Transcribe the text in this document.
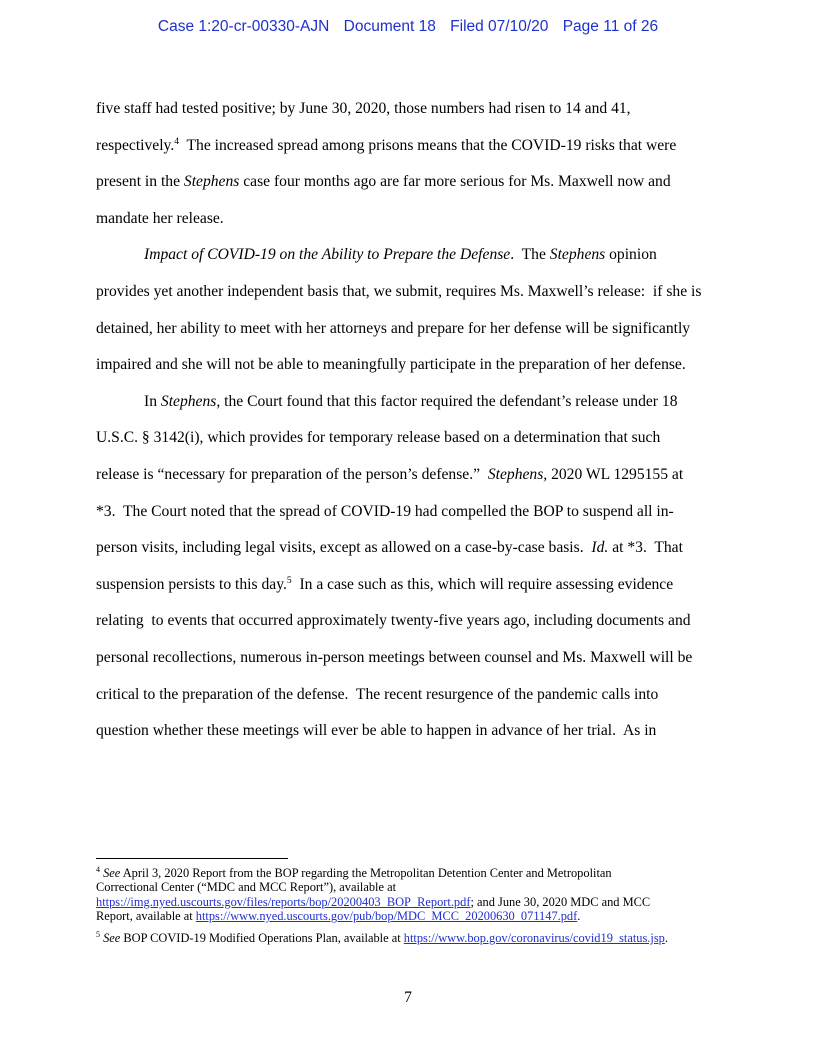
Case 1:20-cr-00330-AJN Document 18 Filed 07/10/20 Page 11 of 26
five staff had tested positive; by June 30, 2020, those numbers had risen to 14 and 41,
respectively.$^4$  The increased spread among prisons means that the COVID-19 risks that were
present in the Stephens case four months ago are far more serious for Ms. Maxwell now and
mandate her release.
Impact of COVID-19 on the Ability to Prepare the Defense.  The Stephens opinion
provides yet another independent basis that, we submit, requires Ms. Maxwell’s release:  if she is
detained, her ability to meet with her attorneys and prepare for her defense will be significantly
impaired and she will not be able to meaningfully participate in the preparation of her defense.
In Stephens, the Court found that this factor required the defendant’s release under 18
U.S.C. § 3142(i), which provides for temporary release based on a determination that such
release is “necessary for preparation of the person’s defense.”  Stephens, 2020 WL 1295155 at
*3.  The Court noted that the spread of COVID-19 had compelled the BOP to suspend all in-
person visits, including legal visits, except as allowed on a case-by-case basis.  Id. at *3.  That
suspension persists to this day.$^5$  In a case such as this, which will require assessing evidence
relating  to events that occurred approximately twenty-five years ago, including documents and
personal recollections, numerous in-person meetings between counsel and Ms. Maxwell will be
critical to the preparation of the defense.  The recent resurgence of the pandemic calls into
question whether these meetings will ever be able to happen in advance of her trial.  As in
$^4$ See April 3, 2020 Report from the BOP regarding the Metropolitan Detention Center and Metropolitan
Correctional Center (“MDC and MCC Report”), available at
https://img.nyed.uscourts.gov/files/reports/bop/20200403_BOP_Report.pdf; and June 30, 2020 MDC and MCC
Report, available at https://www.nyed.uscourts.gov/pub/bop/MDC_MCC_20200630_071147.pdf.
$^5$ See BOP COVID-19 Modified Operations Plan, available at https://www.bop.gov/coronavirus/covid19_status.jsp.
7
